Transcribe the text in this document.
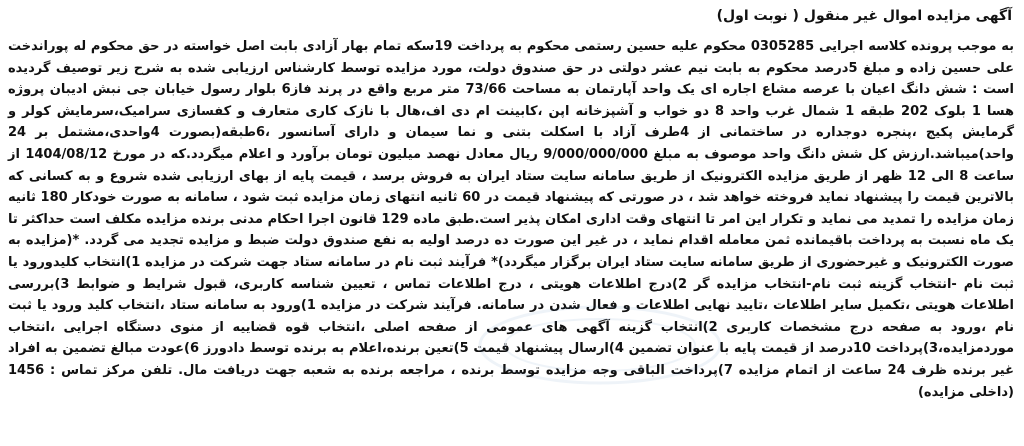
آگهی مزایده اموال غیر منقول ( نوبت اول)
به موجب پرونده کلاسه اجرایی 0305285 محکوم علیه حسین رستمی محکوم به پرداخت 19سکه تمام بهار آزادی بابت اصل خواسته در حق محکوم له پوراندخت علی حسین زاده و مبلغ 5درصد محکوم به بابت نیم عشر دولتی در حق صندوق دولت، مورد مزایده توسط کارشناس ارزیابی شده به شرح زیر توصیف گردیده است : شش دانگ اعیان با عرصه مشاع اجاره ای یک واحد آپارتمان به مساحت 73/66 متر مربع واقع در پرند فاز6 بلوار رسول خیابان جی نبش ادیبان پروژه هسا 1 بلوک 202 طبقه 1 شمال غرب واحد 8 دو خواب و آشپزخانه اپن ،کابینت ام دی اف،هال با نازک کاری متعارف و کفسازی سرامیک،سرمایش کولر و گرمایش پکیج ،پنجره دوجداره در ساختمانی از 4طرف آزاد با اسکلت بتنی و نما سیمان و دارای آسانسور ،6طبقه(بصورت 4واحدی،مشتمل بر 24 واحد)میباشد.ارزش کل شش دانگ واحد موصوف به مبلغ 9/000/000/000 ریال معادل نهصد میلیون تومان برآورد و اعلام میگردد.که در مورخ 1404/08/12 از ساعت 8 الی 12 ظهر از طریق مزایده الکترونیک از طریق سامانه سایت ستاد ایران به فروش برسد ، قیمت پایه از بهای ارزیابی شده شروع و به کسانی که بالاترین قیمت را پیشنهاد نماید فروخته خواهد شد ، در صورتی که پیشنهاد قیمت در 60 ثانیه انتهای زمان مزایده ثبت شود ، سامانه به صورت خودکار 180 ثانیه زمان مزایده را تمدید می نماید و تکرار این امر تا انتهای وقت اداری امکان پذیر است.طبق ماده 129 قانون اجرا احکام مدنی برنده مزایده مکلف است حداکثر تا یک ماه نسبت به پرداخت باقیمانده ثمن معامله اقدام نماید ، در غیر این صورت ده درصد اولیه به نفع صندوق دولت ضبط و مزایده تجدید می گردد. *(مزایده به صورت الکترونیک و غیرحضوری از طریق سامانه سایت ستاد ایران برگزار میگردد)* فرآیند ثبت نام در سامانه ستاد جهت شرکت در مزایده 1)انتخاب کلیدورود یا ثبت نام -انتخاب گزینه ثبت نام-انتخاب مزایده گر 2)درج اطلاعات هویتی ، درج اطلاعات تماس ، تعیین شناسه کاربری، قبول شرایط و ضوابط 3)بررسی اطلاعات هویتی ،تکمیل سایر اطلاعات ،تایید نهایی اطلاعات و فعال شدن در سامانه. فرآیند شرکت در مزایده 1)ورود به سامانه ستاد ،انتخاب کلید ورود یا ثبت نام ،ورود به صفحه درج مشخصات کاربری 2)انتخاب گزینه آگهی های عمومی از صفحه اصلی ،انتخاب قوه قضاییه از منوی دستگاه اجرایی ،انتخاب موردمزایده،3)پرداخت 10درصد از قیمت پایه با عنوان تضمین 4)ارسال پیشنهاد قیمت 5)تعین برنده،اعلام به برنده توسط دادورز 6)عودت مبالغ تضمین به افراد غیر برنده ظرف 24 ساعت از اتمام مزایده 7)پرداخت الباقی وجه مزایده توسط برنده ، مراجعه برنده به شعبه جهت دریافت مال. تلفن مرکز تماس : 1456 (داخلی مزایده)
